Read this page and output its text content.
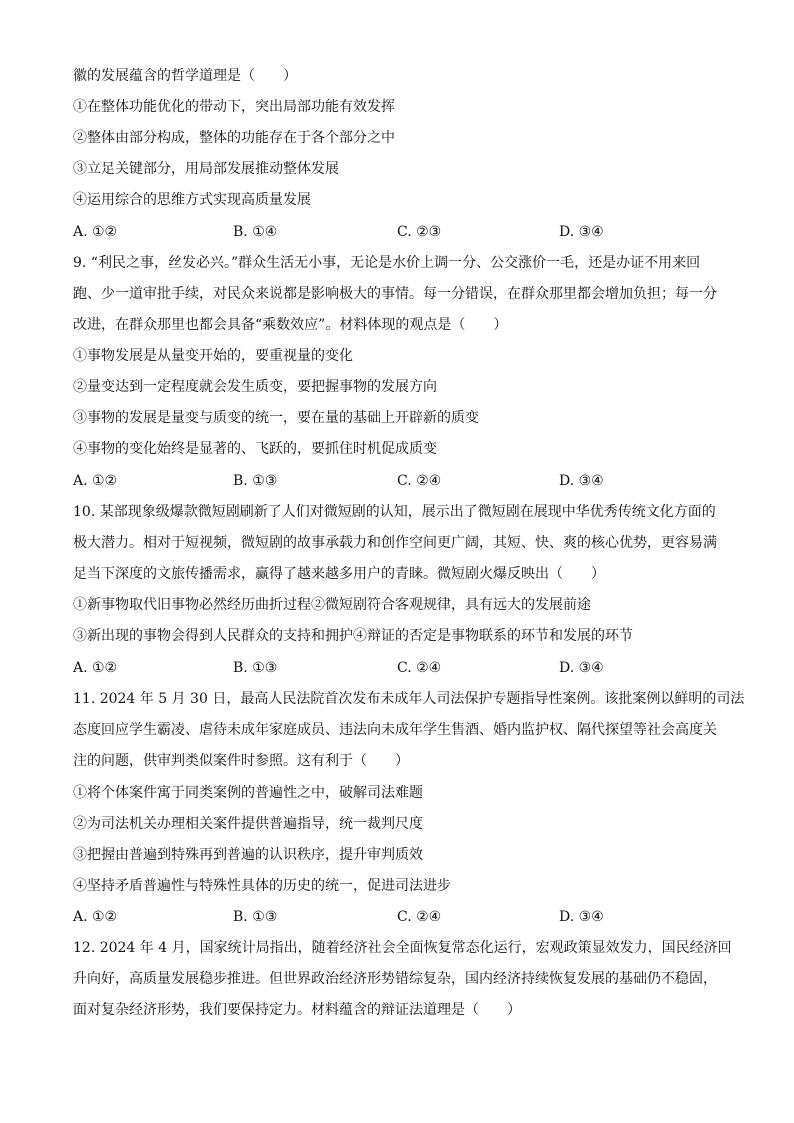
徽的发展蕴含的哲学道理是（　　）
①在整体功能优化的带动下，突出局部功能有效发挥
②整体由部分构成，整体的功能存在于各个部分之中
③立足关键部分，用局部发展推动整体发展
④运用综合的思维方式实现高质量发展
A. ①②	B. ①④	C. ②③	D. ③④
9. “利民之事，丝发必兴。”群众生活无小事，无论是水价上调一分、公交涨价一毛，还是办证不用来回
跑、少一道审批手续，对民众来说都是影响极大的事情。每一分错误，在群众那里都会增加负担；每一分
改进，在群众那里也都会具备“乘数效应”。材料体现的观点是（　　）
①事物发展是从量变开始的，要重视量的变化
②量变达到一定程度就会发生质变，要把握事物的发展方向
③事物的发展是量变与质变的统一，要在量的基础上开辟新的质变
④事物的变化始终是显著的、飞跃的，要抓住时机促成质变
A. ①②	B. ①③	C. ②④	D. ③④
10. 某部现象级爆款微短剧刷新了人们对微短剧的认知，展示出了微短剧在展现中华优秀传统文化方面的
极大潜力。相对于短视频，微短剧的故事承载力和创作空间更广阔，其短、快、爽的核心优势，更容易满
足当下深度的文旅传播需求，赢得了越来越多用户的青睐。微短剧火爆反映出（　　）
①新事物取代旧事物必然经历曲折过程②微短剧符合客观规律，具有远大的发展前途
③新出现的事物会得到人民群众的支持和拥护④辩证的否定是事物联系的环节和发展的环节
A. ①②	B. ①③	C. ②④	D. ③④
11. 2024 年 5 月 30 日，最高人民法院首次发布未成年人司法保护专题指导性案例。该批案例以鲜明的司法
态度回应学生霸凌、虐待未成年家庭成员、违法向未成年学生售酒、婚内监护权、隔代探望等社会高度关
注的问题，供审判类似案件时参照。这有利于（　　）
①将个体案件寓于同类案例的普遍性之中，破解司法难题
②为司法机关办理相关案件提供普遍指导，统一裁判尺度
③把握由普遍到特殊再到普遍的认识秩序，提升审判质效
④坚持矛盾普遍性与特殊性具体的历史的统一，促进司法进步
A. ①②	B. ①③	C. ②④	D. ③④
12. 2024 年 4 月，国家统计局指出，随着经济社会全面恢复常态化运行，宏观政策显效发力，国民经济回
升向好，高质量发展稳步推进。但世界政治经济形势错综复杂，国内经济持续恢复发展的基础仍不稳固，
面对复杂经济形势，我们要保持定力。材料蕴含的辩证法道理是（　　）
